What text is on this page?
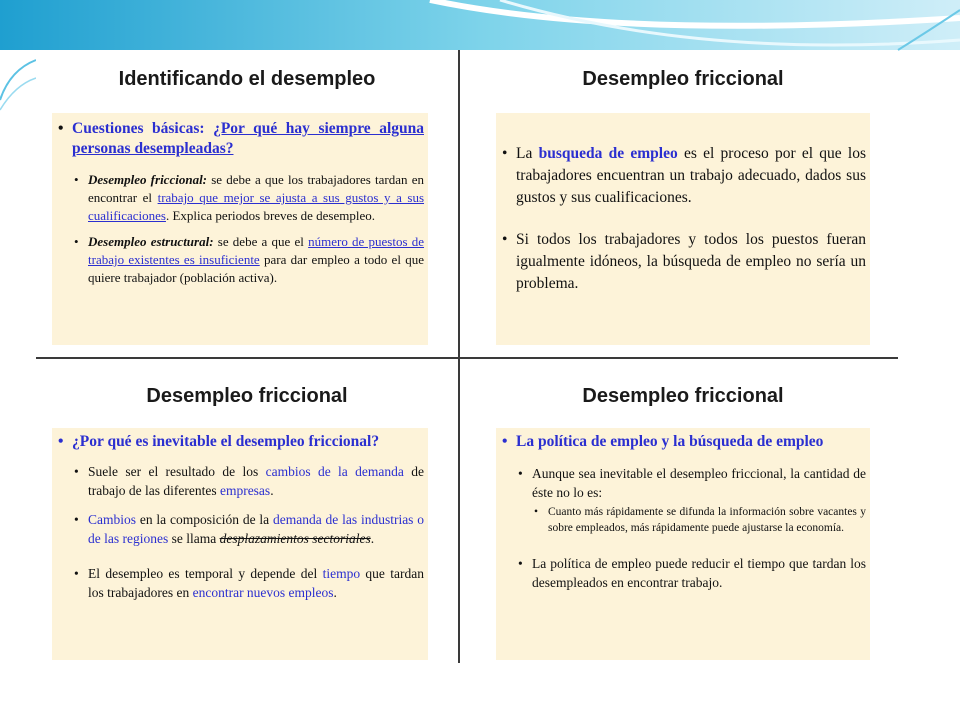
Identificando el desempleo
• Cuestiones básicas: ¿Por qué hay siempre alguna personas desempleadas?
• Desempleo friccional: se debe a que los trabajadores tardan en encontrar el trabajo que mejor se ajusta a sus gustos y a sus cualificaciones. Explica periodos breves de desempleo.
• Desempleo estructural: se debe a que el número de puestos de trabajo existentes es insuficiente para dar empleo a todo el que quiere trabajador (población activa).
Desempleo friccional
• La busqueda de empleo es el proceso por el que los trabajadores encuentran un trabajo adecuado, dados sus gustos y sus cualificaciones.
• Si todos los trabajadores y todos los puestos fueran igualmente idóneos, la búsqueda de empleo no sería un problema.
Desempleo friccional
• ¿Por qué es inevitable el desempleo friccional?
• Suele ser el resultado de los cambios de la demanda de trabajo de las diferentes empresas.
• Cambios en la composición de la demanda de las industrias o de las regiones se llama desplazamientos sectoriales.
• El desempleo es temporal y depende del tiempo que tardan los trabajadores en encontrar nuevos empleos.
Desempleo friccional
• La política de empleo y la búsqueda de empleo
• Aunque sea inevitable el desempleo friccional, la cantidad de éste no lo es:
• Cuanto más rápidamente se difunda la información sobre vacantes y sobre empleados, más rápidamente puede ajustarse la economía.
• La política de empleo puede reducir el tiempo que tardan los desempleados en encontrar trabajo.
